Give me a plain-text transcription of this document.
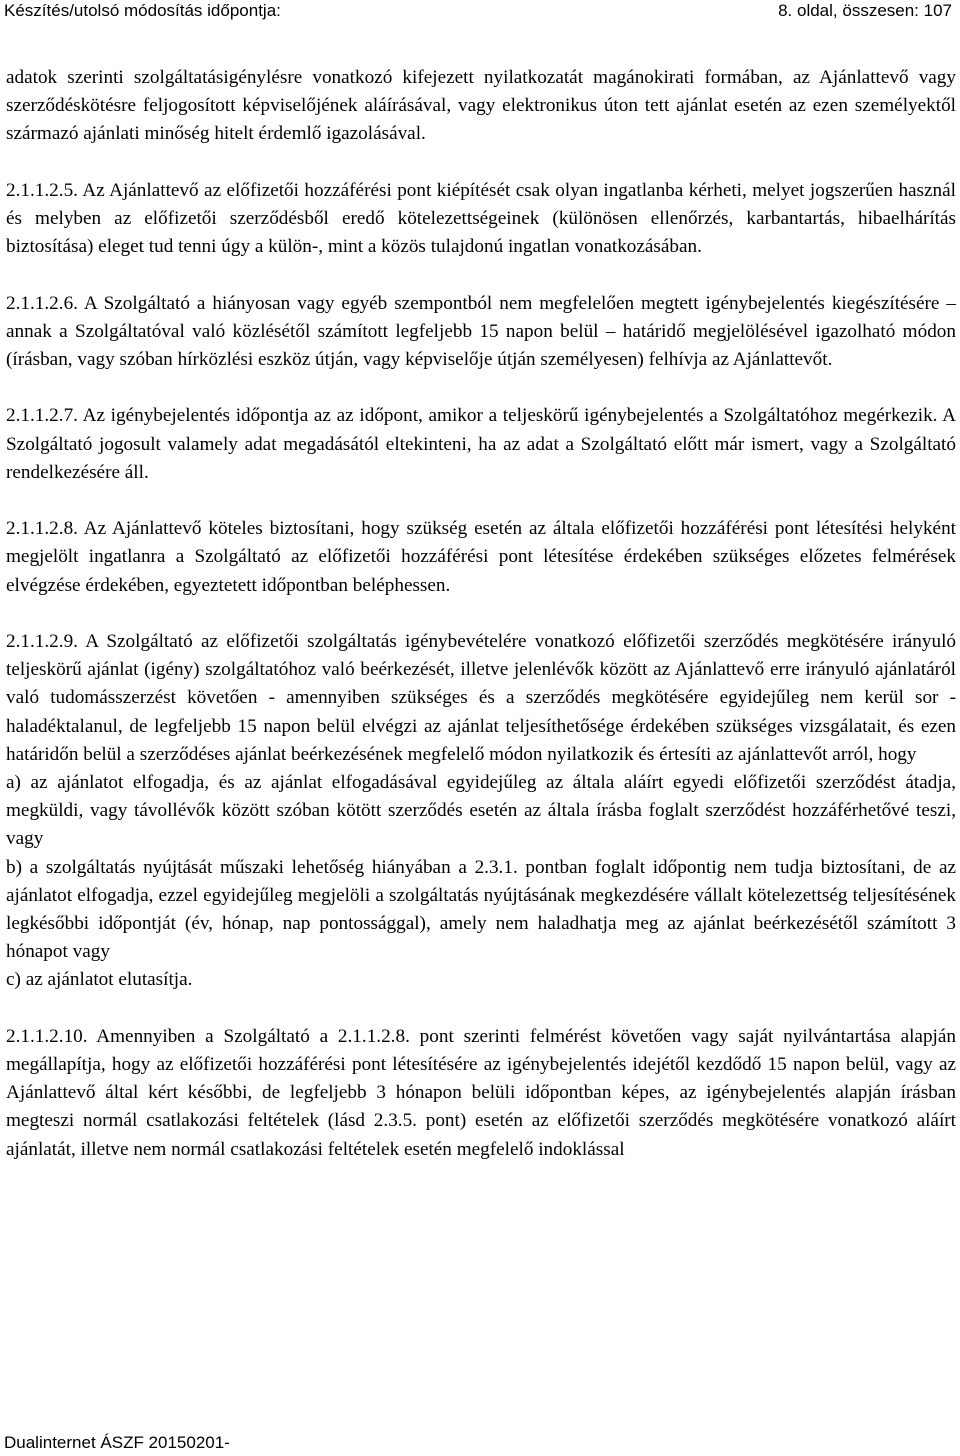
Készítés/utolsó módosítás időpontja:	8. oldal, összesen: 107

adatok szerinti szolgáltatásigénylésre vonatkozó kifejezett nyilatkozatát magánokirati formában, az Ajánlattevő vagy szerződéskötésre feljogosított képviselőjének aláírásával, vagy elektronikus úton tett ajánlat esetén az ezen személyektől származó ajánlati minőség hitelt érdemlő igazolásával.

2.1.1.2.5. Az Ajánlattevő az előfizetői hozzáférési pont kiépítését csak olyan ingatlanba kérheti, melyet jogszerűen használ és melyben az előfizetői szerződésből eredő kötelezettségeinek (különösen ellenőrzés, karbantartás, hibaelhárítás biztosítása) eleget tud tenni úgy a külön-, mint a közös tulajdonú ingatlan vonatkozásában.

2.1.1.2.6. A Szolgáltató a hiányosan vagy egyéb szempontból nem megfelelően megtett igénybejelentés kiegészítésére – annak a Szolgáltatóval való közlésétől számított legfeljebb 15 napon belül – határidő megjelölésével igazolható módon (írásban, vagy szóban hírközlési eszköz útján, vagy képviselője útján személyesen) felhívja az Ajánlattevőt.

2.1.1.2.7. Az igénybejelentés időpontja az az időpont, amikor a teljeskörű igénybejelentés a Szolgáltatóhoz megérkezik. A Szolgáltató jogosult valamely adat megadásától eltekinteni, ha az adat a Szolgáltató előtt már ismert, vagy a Szolgáltató rendelkezésére áll.

2.1.1.2.8. Az Ajánlattevő köteles biztosítani, hogy szükség esetén az általa előfizetői hozzáférési pont létesítési helyként megjelölt ingatlanra a Szolgáltató az előfizetői hozzáférési pont létesítése érdekében szükséges előzetes felmérések elvégzése érdekében, egyeztetett időpontban beléphessen.

2.1.1.2.9. A Szolgáltató az előfizetői szolgáltatás igénybevételére vonatkozó előfizetői szerződés megkötésére irányuló teljeskörű ajánlat (igény) szolgáltatóhoz való beérkezését, illetve jelenlévők között az Ajánlattevő erre irányuló ajánlatáról való tudomásszerzést követően - amennyiben szükséges és a szerződés megkötésére egyidejűleg nem kerül sor - haladéktalanul, de legfeljebb 15 napon belül elvégzi az ajánlat teljesíthetősége érdekében szükséges vizsgálatait, és ezen határidőn belül a szerződéses ajánlat beérkezésének megfelelő módon nyilatkozik és értesíti az ajánlattevőt arról, hogy

a) az ajánlatot elfogadja, és az ajánlat elfogadásával egyidejűleg az általa aláírt egyedi előfizetői szerződést átadja, megküldi, vagy távollévők között szóban kötött szerződés esetén az általa írásba foglalt szerződést hozzáférhetővé teszi, vagy

b) a szolgáltatás nyújtását műszaki lehetőség hiányában a 2.3.1. pontban foglalt időpontig nem tudja biztosítani, de az ajánlatot elfogadja, ezzel egyidejűleg megjelöli a szolgáltatás nyújtásának megkezdésére vállalt kötelezettség teljesítésének legkésőbbi időpontját (év, hónap, nap pontossággal), amely nem haladhatja meg az ajánlat beérkezésétől számított 3 hónapot vagy

c) az ajánlatot elutasítja.

2.1.1.2.10. Amennyiben a Szolgáltató a 2.1.1.2.8. pont szerinti felmérést követően vagy saját nyilvántartása alapján megállapítja, hogy az előfizetői hozzáférési pont létesítésére az igénybejelentés idejétől kezdődő 15 napon belül, vagy az Ajánlattevő által kért későbbi, de legfeljebb 3 hónapon belüli időpontban képes, az igénybejelentés alapján írásban megteszi normál csatlakozási feltételek (lásd 2.3.5. pont) esetén az előfizetői szerződés megkötésére vonatkozó aláírt ajánlatát, illetve nem normál csatlakozási feltételek esetén megfelelő indoklással

Dualinternet ÁSZF 20150201-
